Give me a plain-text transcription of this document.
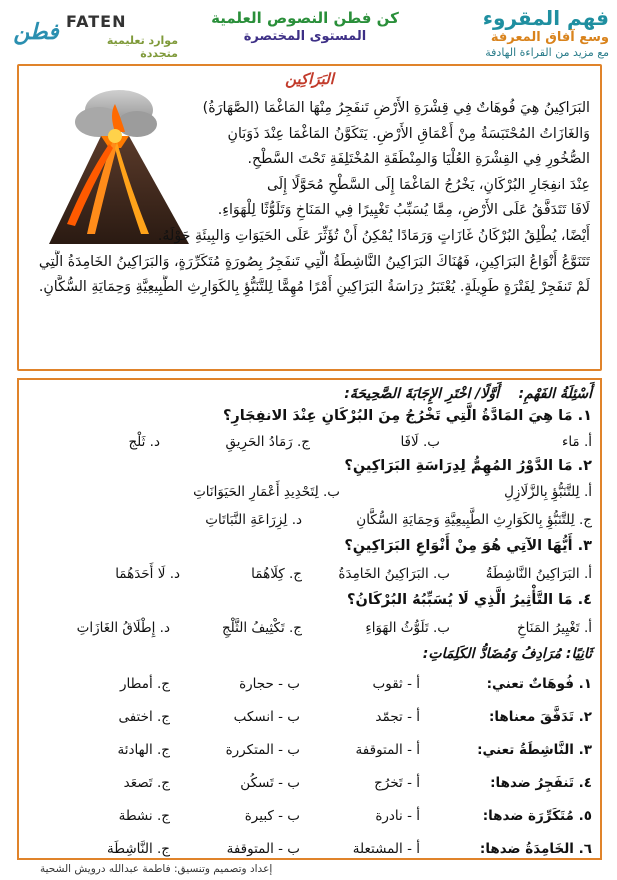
فهم المقروء
وسع آفاق المعرفة
مع مزيد من القراءة الهادفة
كن فطن النصوص العلمية
المستوى المختصرة
فطن FATEN
موارد تعليمية متجددة
البَرَاكِين
البَرَاكِينُ هِيَ فُوهَاتٌ فِي قِشْرَةِ الأَرْضِ تَنفَجِرُ مِنْهَا المَاغْمَا (الصَّهَارَةُ)
وَالغَازَاتُ المُحْتَبَسَةُ مِنْ أَعْمَاقِ الأَرْضِ. يَتَكَوَّنُ المَاغْمَا عِنْدَ ذَوَبَانِ
الصُّخُورِ فِي القِشْرَةِ العُلْيَا وَالمِنْطَقَةِ المُخْتَلِفَةِ تَحْتَ السَّطْحِ.
عِنْدَ انفِجَارِ البُرْكَانِ، يَخْرُجُ المَاغْمَا إِلَى السَّطْحِ مُحَوَّلًا إِلَى
لَافَا تَتَدَفَّقُ عَلَى الأَرْضِ، مِمَّا يُسَبِّبُ تَغْيِيرًا فِي المَنَاخِ وَتَلَوُّثًا لِلْهَوَاءِ.
أَيْضًا، يُطْلِقُ البُرْكَانُ غَازَاتٍ وَرَمَادًا يُمْكِنُ أَنْ تُؤَثِّرَ عَلَى الحَيَوَاتِ وَالبِيئَةِ حَوْلَهُ.
تَتَنَوَّعُ أَنْوَاعُ البَرَاكِينِ، فَهُنَاكَ البَرَاكِينُ النَّاشِطَةُ الَّتِي تَنفَجِرُ بِصُورَةٍ مُتَكَرِّرَةٍ، وَالبَرَاكِينُ الخَامِدَةُ الَّتِي
لَمْ تَنفَجِرْ لِفَتْرَةٍ طَوِيلَةٍ. يُعْتَبَرُ دِرَاسَةُ البَرَاكِينِ أَمْرًا مُهِمًّا لِلتَّنَبُّؤِ بِالكَوَارِثِ الطَّبِيعِيَّةِ وَحِمَايَةِ السُّكَّانِ.
أَسْئِلَةُ الفَهْمِ:    أَوَّلًا/ اخْتَرِ الإِجَابَةَ الصَّحِيحَةَ:
١. مَا هِيَ المَادَّةُ الَّتِي تَخْرُجُ مِنَ البُرْكَانِ عِنْدَ الانفِجَارِ؟
أ. مَاء
ب. لَافَا
ج. رَمَادُ الحَرِيقِ
د. ثَلْج
٢. مَا الدَّوْرُ المُهِمُّ لِدِرَاسَةِ البَرَاكِينِ؟
أ. لِلتَّنَبُّؤِ بِالزَّلَازِلِ
ب. لِتَحْدِيدِ أَعْمَارِ الحَيَوَانَاتِ
ج. لِلتَّنَبُّؤِ بِالكَوَارِثِ الطَّبِيعِيَّةِ وَحِمَايَةِ السُّكَّانِ
د. لِزِرَاعَةِ النَّبَاتَاتِ
٣. أَيُّهَا الآتِي هُوَ مِنْ أَنْوَاعِ البَرَاكِينِ؟
أ. البَرَاكِينُ النَّاشِطَةُ
ب. البَرَاكِينُ الخَامِدَةُ
ج. كِلَاهُمَا
د. لَا أَحَدَهُمَا
٤. مَا التَّأْثِيرُ الَّذِي لَا يُسَبِّبُهُ البُرْكَانُ؟
أ. تَغْيِيرُ المَنَاخِ
ب. تَلَوُّثُ الهَوَاءِ
ج. تَكْثِيفُ الثَّلْجِ
د. إِطْلَاقُ الغَازَاتِ
ثَانِيًا: مُرَادِفُ وَمُضَادُّ الكَلِمَاتِ:
١. فُوهَاتٌ تعني:
أ - ثقوب
ب - حجارة
ج. أمطار
٢. تَدَفَّقَ معناها:
أ - تجمّد
ب - انسكب
ج. اختفى
٣. النَّاشِطَةُ تعني:
أ - المتوقفة
ب - المتكررة
ج. الهادئة
٤. تَنفَجِرُ ضدها:
أ - تَخرُج
ب - تَسكُن
ج. تَصعَد
٥. مُتَكَرِّرَة ضدها:
أ - نادرة
ب - كبيرة
ج. نشطة
٦. الخَامِدَةُ ضدها:
أ - المشتعلة
ب - المتوقفة
ج. النَّاشِطَة
إعداد وتصميم وتنسيق: فاطمة عبدالله درويش الشحية
